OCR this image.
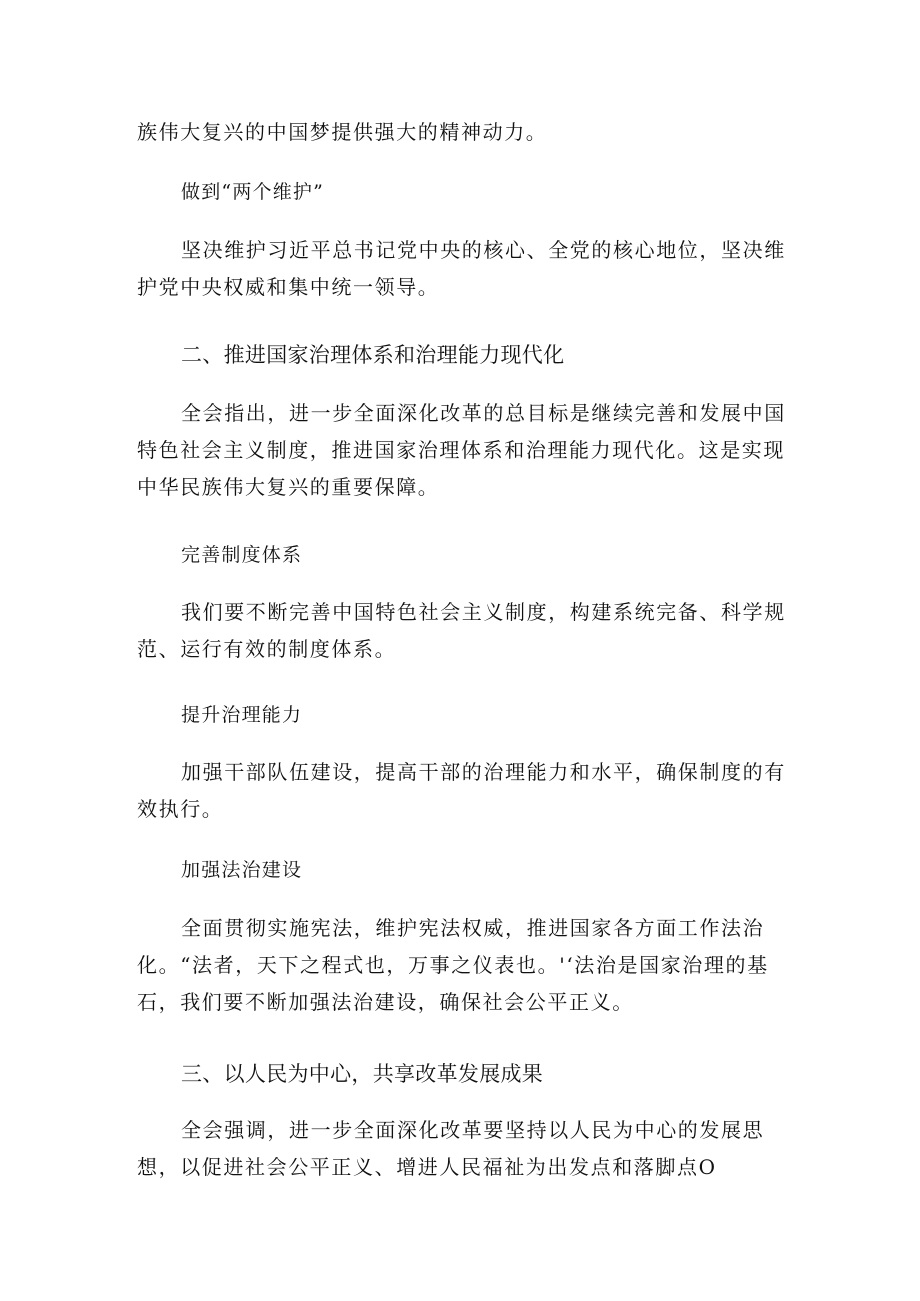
族伟大复兴的中国梦提供强大的精神动力。

做到“两个维护”

坚决维护习近平总书记党中央的核心、全党的核心地位，坚决维护党中央权威和集中统一领导。

二、推进国家治理体系和治理能力现代化

全会指出，进一步全面深化改革的总目标是继续完善和发展中国特色社会主义制度，推进国家治理体系和治理能力现代化。这是实现中华民族伟大复兴的重要保障。

完善制度体系

我们要不断完善中国特色社会主义制度，构建系统完备、科学规范、运行有效的制度体系。

提升治理能力

加强干部队伍建设，提高干部的治理能力和水平，确保制度的有效执行。

加强法治建设

全面贯彻实施宪法，维护宪法权威，推进国家各方面工作法治化。“法者，天下之程式也，万事之仪表也。'‘法治是国家治理的基石，我们要不断加强法治建设，确保社会公平正义。

三、以人民为中心，共享改革发展成果

全会强调，进一步全面深化改革要坚持以人民为中心的发展思想，以促进社会公平正义、增进人民福祉为出发点和落脚点O
